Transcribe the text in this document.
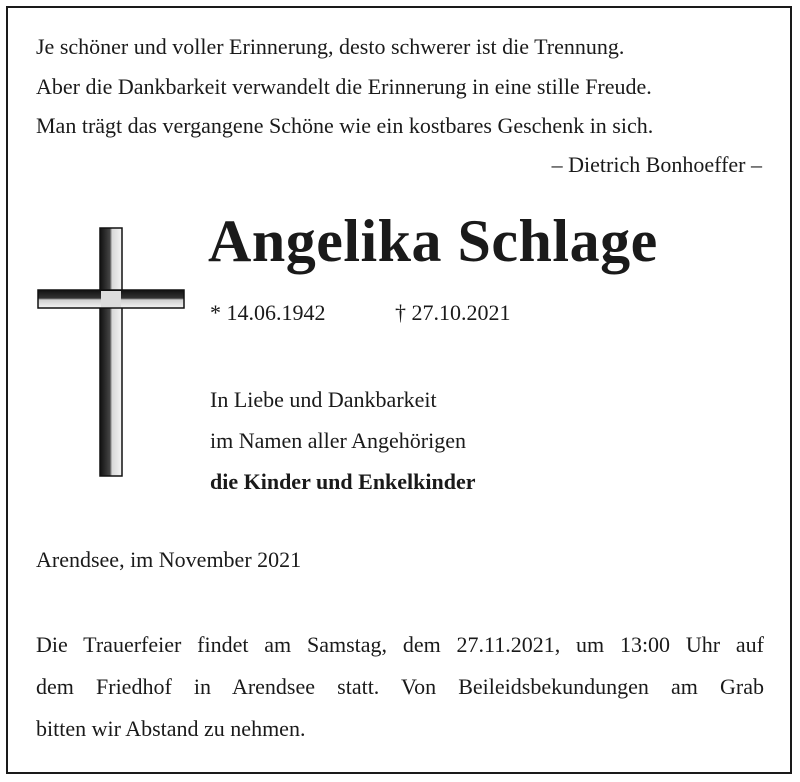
Je schöner und voller Erinnerung, desto schwerer ist die Trennung.
Aber die Dankbarkeit verwandelt die Erinnerung in eine stille Freude.
Man trägt das vergangene Schöne wie ein kostbares Geschenk in sich.
– Dietrich Bonhoeffer –
Angelika Schlage
* 14.06.1942	† 27.10.2021
In Liebe und Dankbarkeit
im Namen aller Angehörigen
die Kinder und Enkelkinder
Arendsee, im November 2021
Die Trauerfeier findet am Samstag, dem 27.11.2021, um 13:00 Uhr auf
dem Friedhof in Arendsee statt. Von Beileidsbekundungen am Grab
bitten wir Abstand zu nehmen.
